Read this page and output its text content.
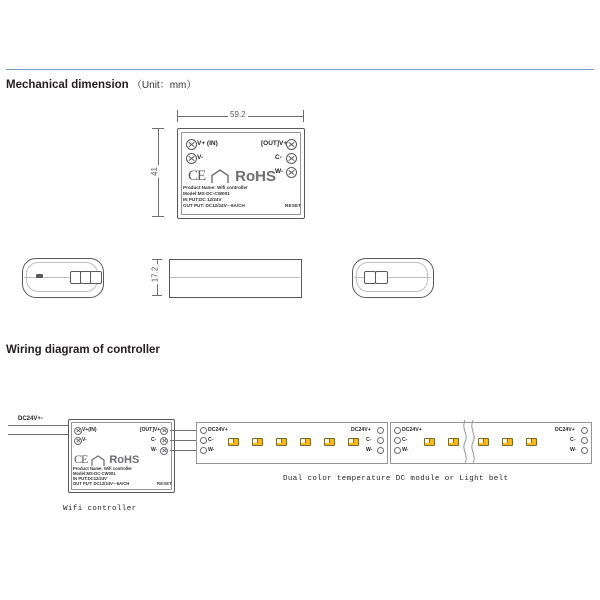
Mechanical dimension （Unit：mm）
59.2
41
V+ (IN)
V-
[OUT]V+
C-
W-
CE RoHS
Product Name: Wifi controller
Model:MS-DC-CW001
IN PUT:DC 12/24V
OUT PUT: DC12/24V---6A/CH	RESET
17.2
Wiring diagram of controller
DC24V+-
V+(IN)
V-
[OUT]V+
C-
W-
CE RoHS
Product Name: Wifi controller
Model:MS-DC-CW001
IN PUT:DC12/24V
OUT PUT: DC12/24V---6A/CH	RESET
Wifi controller
DC24V+
C-
W-
DC24V+
C-
W-
DC24V+
C-
W-
DC24V+
C-
W-
Dual color temperature DC module or Light belt
